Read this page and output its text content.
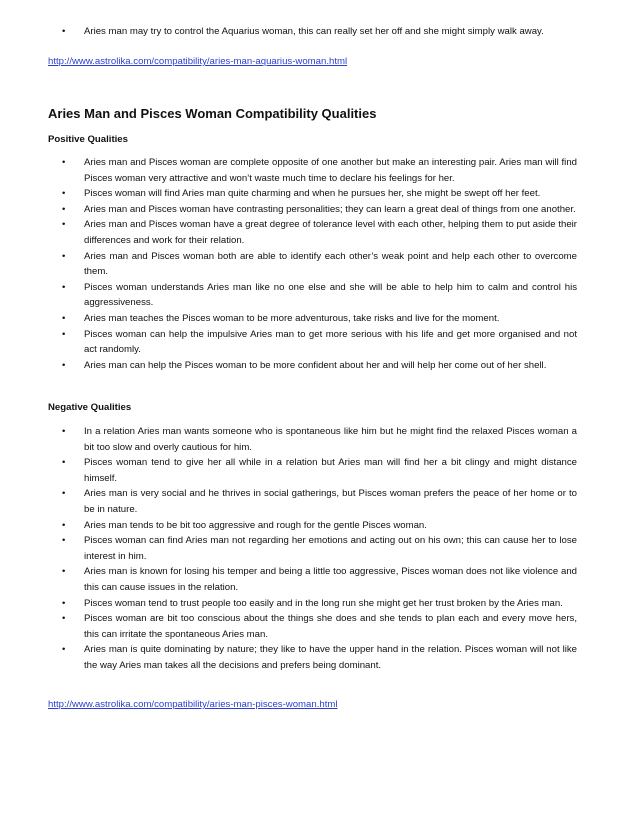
• Aries man may try to control the Aquarius woman, this can really set her off and she might simply walk away.
http://www.astrolika.com/compatibility/aries-man-aquarius-woman.html
Aries Man and Pisces Woman Compatibility Qualities
Positive Qualities
• Aries man and Pisces woman are complete opposite of one another but make an interesting pair. Aries man will find Pisces woman very attractive and won’t waste much time to declare his feelings for her.
• Pisces woman will find Aries man quite charming and when he pursues her, she might be swept off her feet.
• Aries man and Pisces woman have contrasting personalities; they can learn a great deal of things from one another.
• Aries man and Pisces woman have a great degree of tolerance level with each other, helping them to put aside their differences and work for their relation.
• Aries man and Pisces woman both are able to identify each other’s weak point and help each other to overcome them.
• Pisces woman understands Aries man like no one else and she will be able to help him to calm and control his aggressiveness.
• Aries man teaches the Pisces woman to be more adventurous, take risks and live for the moment.
• Pisces woman can help the impulsive Aries man to get more serious with his life and get more organised and not act randomly.
• Aries man can help the Pisces woman to be more confident about her and will help her come out of her shell.
Negative Qualities
• In a relation Aries man wants someone who is spontaneous like him but he might find the relaxed Pisces woman a bit too slow and overly cautious for him.
• Pisces woman tend to give her all while in a relation but Aries man will find her a bit clingy and might distance himself.
• Aries man is very social and he thrives in social gatherings, but Pisces woman prefers the peace of her home or to be in nature.
• Aries man tends to be bit too aggressive and rough for the gentle Pisces woman.
• Pisces woman can find Aries man not regarding her emotions and acting out on his own; this can cause her to lose interest in him.
• Aries man is known for losing his temper and being a little too aggressive, Pisces woman does not like violence and this can cause issues in the relation.
• Pisces woman tend to trust people too easily and in the long run she might get her trust broken by the Aries man.
• Pisces woman are bit too conscious about the things she does and she tends to plan each and every move hers, this can irritate the spontaneous Aries man.
• Aries man is quite dominating by nature; they like to have the upper hand in the relation. Pisces woman will not like the way Aries man takes all the decisions and prefers being dominant.
http://www.astrolika.com/compatibility/aries-man-pisces-woman.html
